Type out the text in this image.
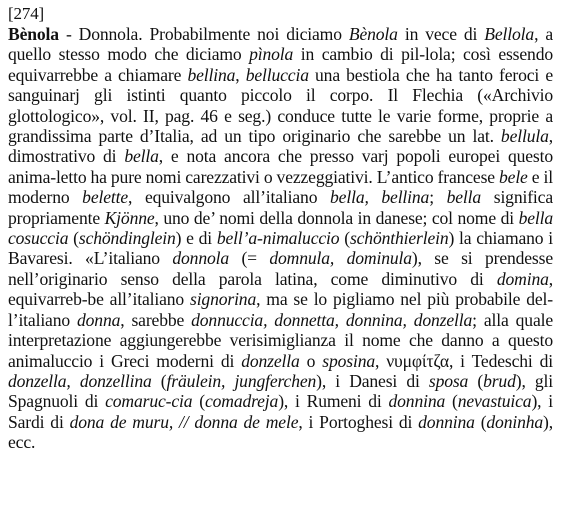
[274]
Bènola - Donnola. Probabilmente noi diciamo Bènola in vece di Bellola, a quello stesso modo che diciamo pìnola in cambio di pil-lola; così essendo equivarrebbe a chiamare bellina, belluccia una bestiola che ha tanto feroci e sanguinarj gli istinti quanto piccolo il corpo. Il Flechia («Archivio glottologico», vol. II, pag. 46 e seg.) conduce tutte le varie forme, proprie a grandissima parte d’Italia, ad un tipo originario che sarebbe un lat. bellula, dimostrativo di bella, e nota ancora che presso varj popoli europei questo anima-letto ha pure nomi carezzativi o vezzeggiativi. L’antico francese bele e il moderno belette, equivalgono all’italiano bella, bellina; bella significa propriamente Kjönne, uno de’ nomi della donnola in danese; col nome di bella cosuccia (schöndinglein) e di bell’a-nimaluccio (schönthierlein) la chiamano i Bavaresi. «L’italiano donnola (= domnula, dominula), se si prendesse nell’originario senso della parola latina, come diminutivo di domina, equivarreb-be all’italiano signorina, ma se lo pigliamo nel più probabile del-l’italiano donna, sarebbe donnuccia, donnetta, donnina, donzella; alla quale interpretazione aggiungerebbe verisimiglianza il nome che danno a questo animaluccio i Greci moderni di donzella o sposina, νυμφίτζα, i Tedeschi di donzella, donzellina (fräulein, jungferchen), i Danesi di sposa (brud), gli Spagnuoli di comaruc-cia (comadreja), i Rumeni di donnina (nevastuica), i Sardi di dona de muru, // donna de mele, i Portoghesi di donnina (doninha), ecc.
